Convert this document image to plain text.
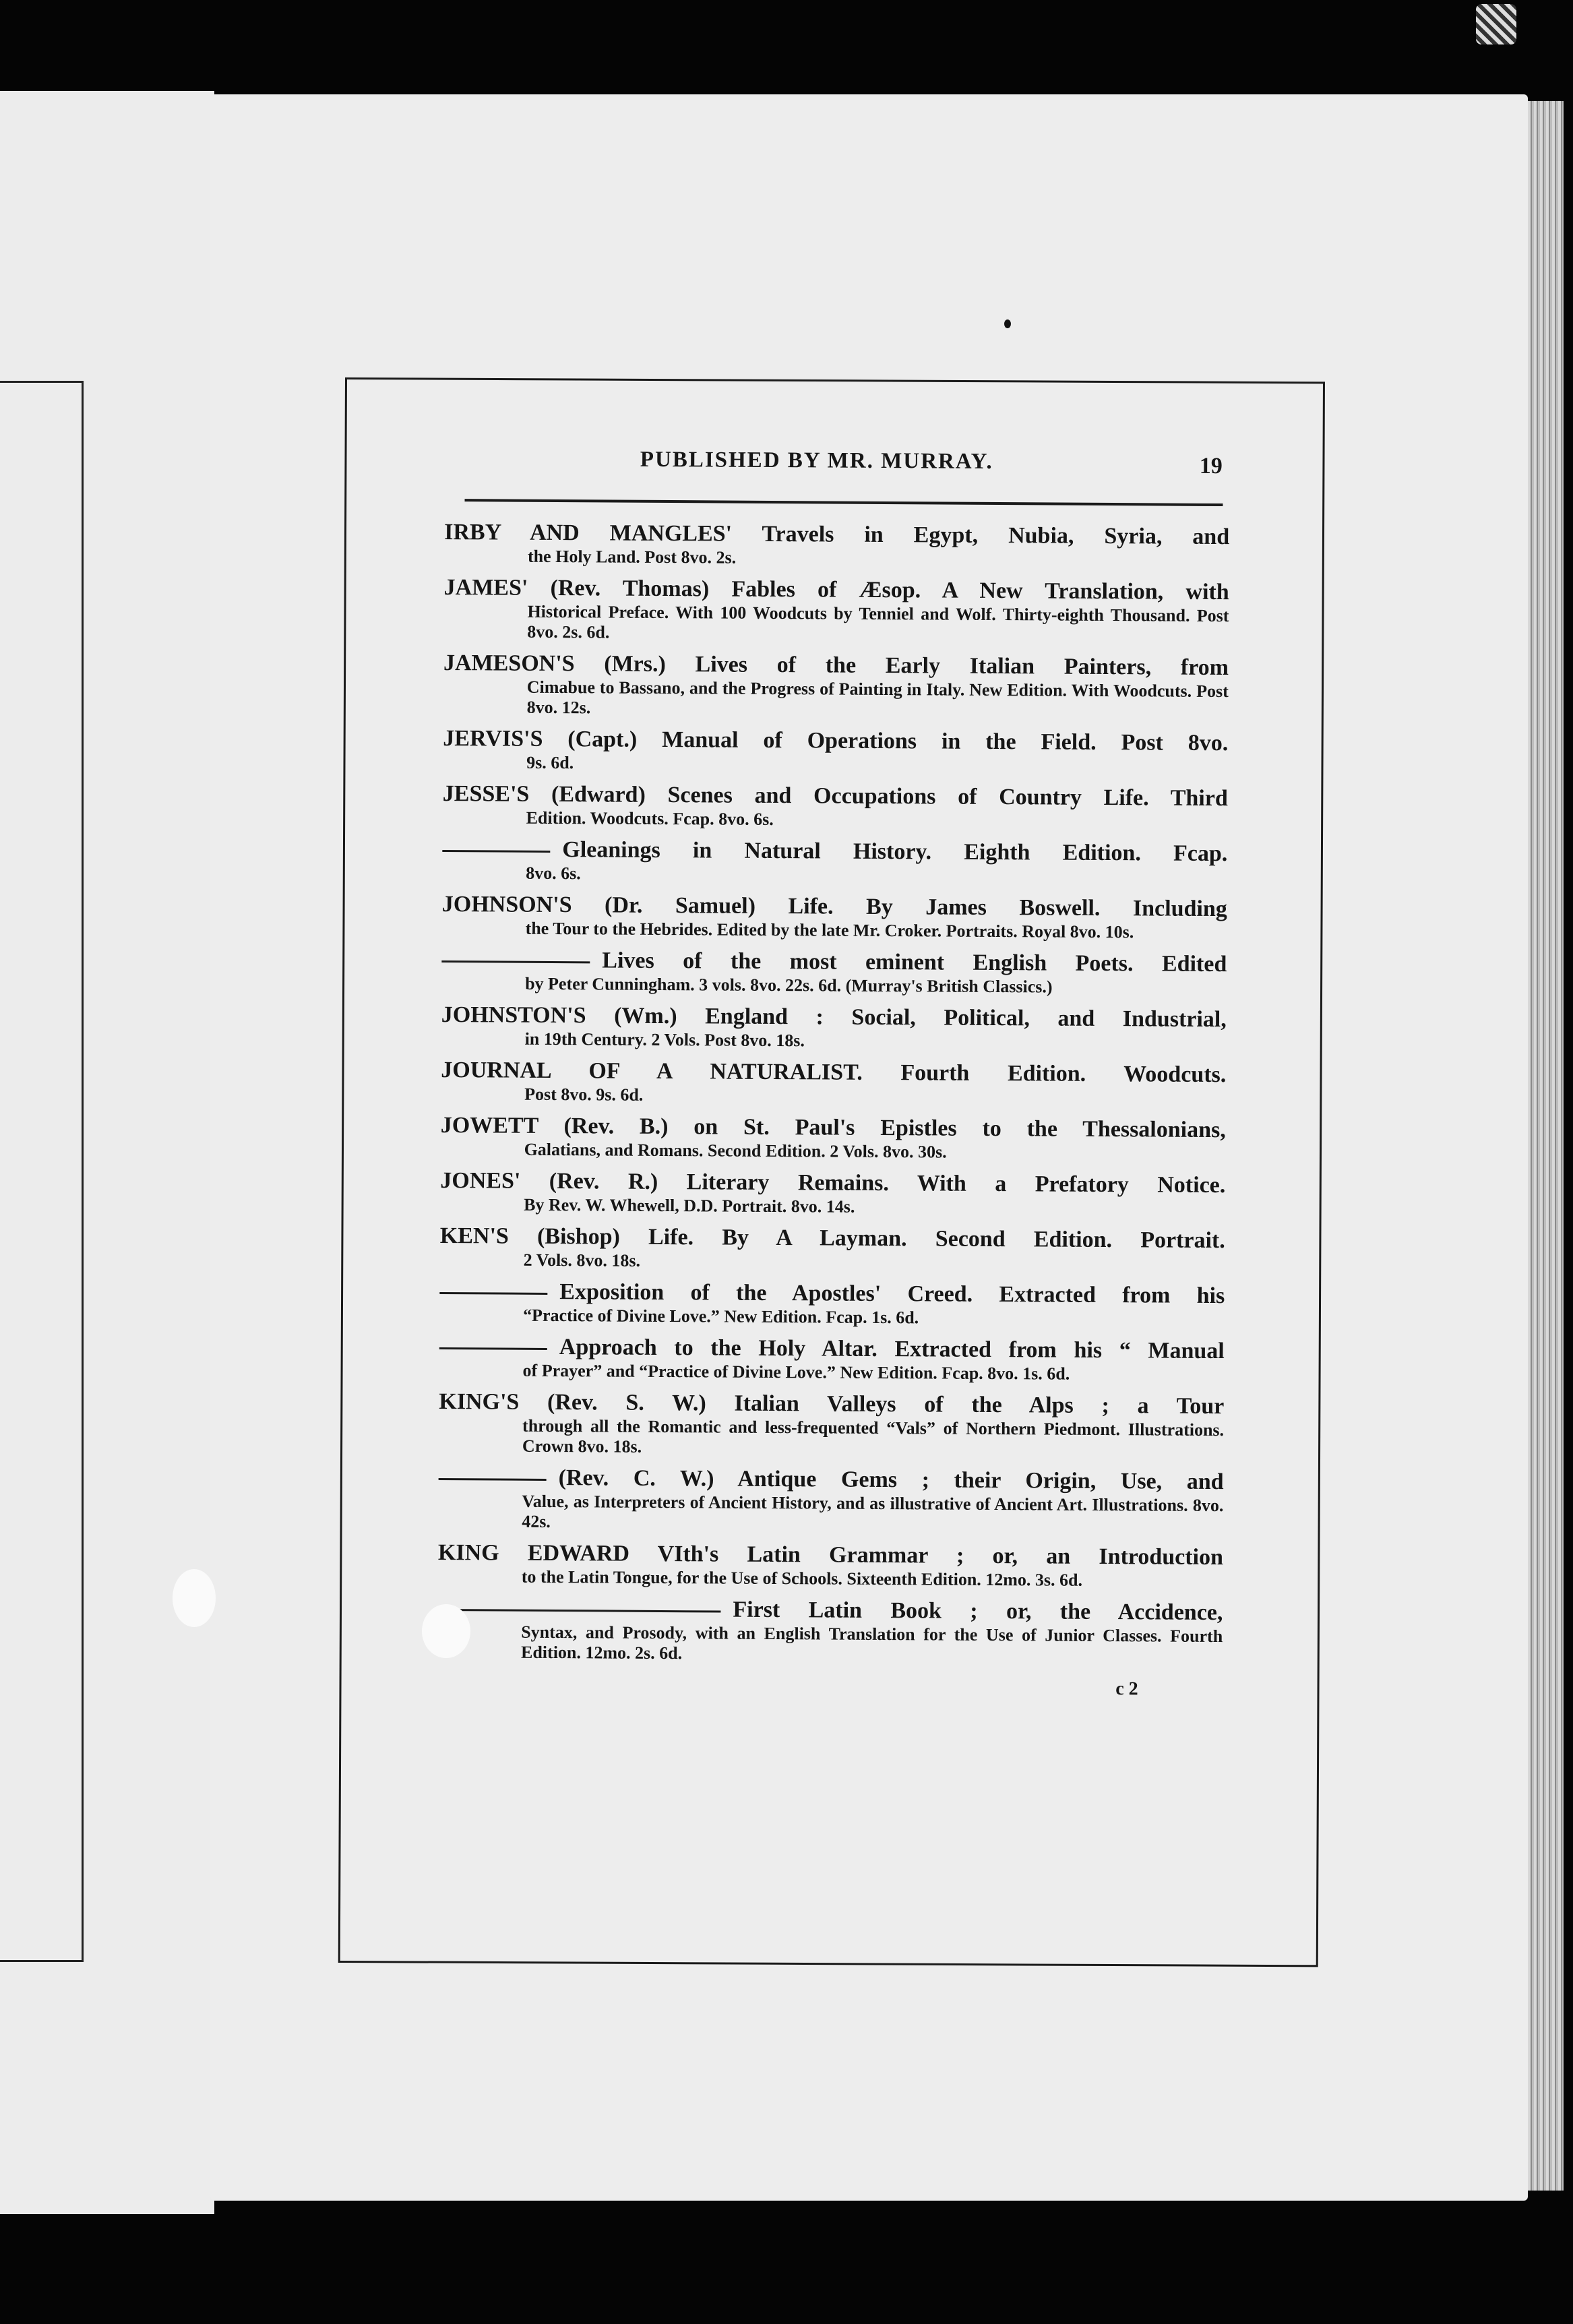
PUBLISHED BY MR. MURRAY.	19
IRBY AND MANGLES' Travels in Egypt, Nubia, Syria, and
the Holy Land. Post 8vo. 2s.
JAMES' (Rev. Thomas) Fables of Æsop. A New Translation, with
Historical Preface. With 100 Woodcuts by Tenniel and Wolf. Thirty-eighth Thousand. Post 8vo. 2s. 6d.
JAMESON'S (Mrs.) Lives of the Early Italian Painters, from
Cimabue to Bassano, and the Progress of Painting in Italy. New Edition. With Woodcuts. Post 8vo. 12s.
JERVIS'S (Capt.) Manual of Operations in the Field. Post 8vo.
9s. 6d.
JESSE'S (Edward) Scenes and Occupations of Country Life. Third
Edition. Woodcuts. Fcap. 8vo. 6s.
Gleanings in Natural History. Eighth Edition. Fcap.
8vo. 6s.
JOHNSON'S (Dr. Samuel) Life. By James Boswell. Including
the Tour to the Hebrides. Edited by the late Mr. Croker. Portraits. Royal 8vo. 10s.
Lives of the most eminent English Poets. Edited
by Peter Cunningham. 3 vols. 8vo. 22s. 6d. (Murray's British Classics.)
JOHNSTON'S (Wm.) England : Social, Political, and Industrial,
in 19th Century. 2 Vols. Post 8vo. 18s.
JOURNAL OF A NATURALIST. Fourth Edition. Woodcuts.
Post 8vo. 9s. 6d.
JOWETT (Rev. B.) on St. Paul's Epistles to the Thessalonians,
Galatians, and Romans. Second Edition. 2 Vols. 8vo. 30s.
JONES' (Rev. R.) Literary Remains. With a Prefatory Notice.
By Rev. W. Whewell, D.D. Portrait. 8vo. 14s.
KEN'S (Bishop) Life. By A Layman. Second Edition. Portrait.
2 Vols. 8vo. 18s.
Exposition of the Apostles' Creed. Extracted from his
“Practice of Divine Love.” New Edition. Fcap. 1s. 6d.
Approach to the Holy Altar. Extracted from his “ Manual
of Prayer” and “Practice of Divine Love.” New Edition. Fcap. 8vo. 1s. 6d.
KING'S (Rev. S. W.) Italian Valleys of the Alps ; a Tour
through all the Romantic and less-frequented “Vals” of Northern Piedmont. Illustrations. Crown 8vo. 18s.
(Rev. C. W.) Antique Gems ; their Origin, Use, and
Value, as Interpreters of Ancient History, and as illustrative of Ancient Art. Illustrations. 8vo. 42s.
KING EDWARD VIth's Latin Grammar ; or, an Introduction
to the Latin Tongue, for the Use of Schools. Sixteenth Edition. 12mo. 3s. 6d.
First Latin Book ; or, the Accidence,
Syntax, and Prosody, with an English Translation for the Use of Junior Classes. Fourth Edition. 12mo. 2s. 6d.
c 2
